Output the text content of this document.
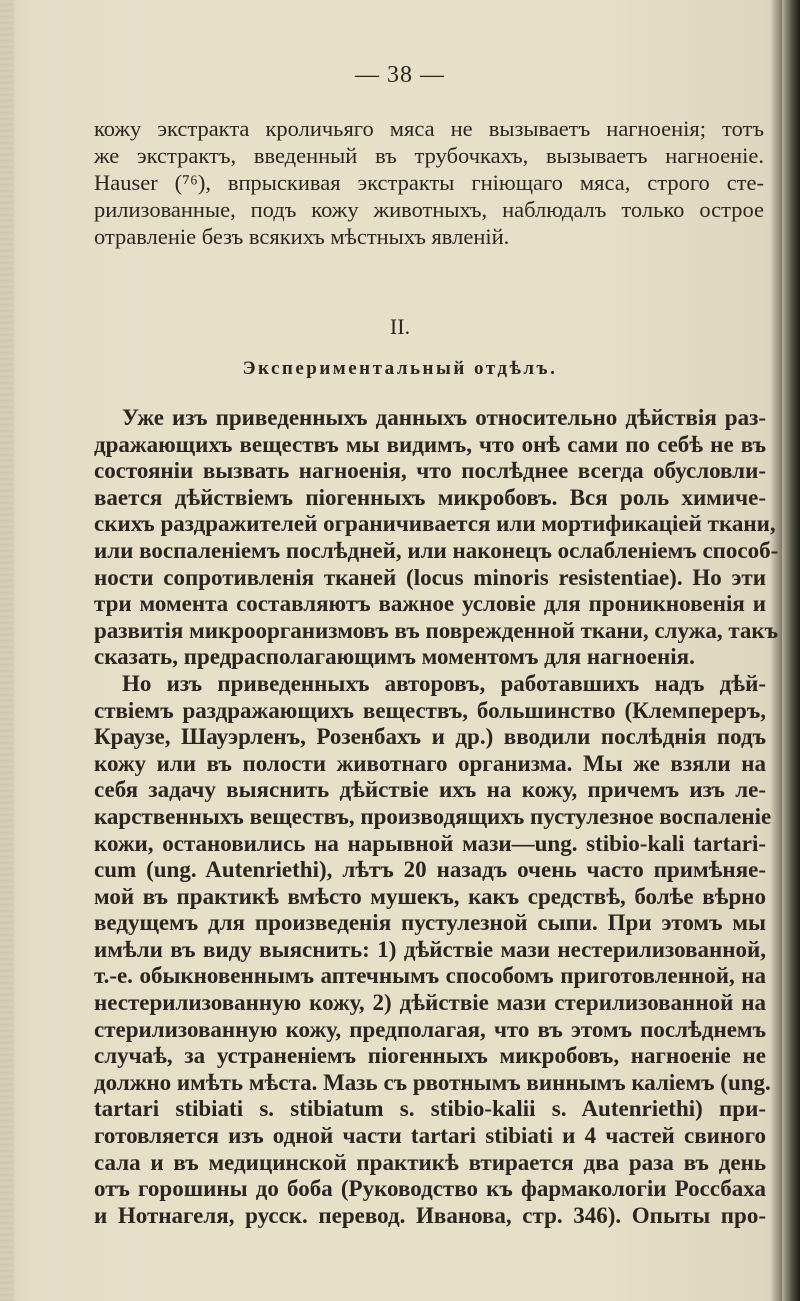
— 38 —

кожу экстракта кроличьяго мяса не вызываетъ нагноенія; тотъ
же экстрактъ, введенный въ трубочкахъ, вызываетъ нагноеніе.
Hauser (⁷⁶), впрыскивая экстракты гніющаго мяса, строго сте-
рилизованные, подъ кожу животныхъ, наблюдалъ только острое
отравленіе безъ всякихъ мѣстныхъ явленій.

II.
Экспериментальный отдѣлъ.

Уже изъ приведенныхъ данныхъ относительно дѣйствія раз-
дражающихъ веществъ мы видимъ, что онѣ сами по себѣ не въ
состояніи вызвать нагноенія, что послѣднее всегда обусловли-
вается дѣйствіемъ піогенныхъ микробовъ. Вся роль химиче-
скихъ раздражителей ограничивается или мортификаціей ткани,
или воспаленіемъ послѣдней, или наконецъ ослабленіемъ способ-
ности сопротивленія тканей (locus minoris resistentiae). Но эти
три момента составляютъ важное условіе для проникновенія и
развитія микроорганизмовъ въ поврежденной ткани, служа, такъ
сказать, предрасполагающимъ моментомъ для нагноенія.

Но изъ приведенныхъ авторовъ, работавшихъ надъ дѣй-
ствіемъ раздражающихъ веществъ, большинство (Клемпереръ,
Краузе, Шауэрленъ, Розенбахъ и др.) вводили послѣднія подъ
кожу или въ полости животнаго организма. Мы же взяли на
себя задачу выяснить дѣйствіе ихъ на кожу, причемъ изъ ле-
карственныхъ веществъ, производящихъ пустулезное воспаленіе
кожи, остановились на нарывной мази—ung. stibio-kali tartari-
cum (ung. Autenriethi), лѣтъ 20 назадъ очень часто примѣняе-
мой въ практикѣ вмѣсто мушекъ, какъ средствѣ, болѣе вѣрно
ведущемъ для произведенія пустулезной сыпи. При этомъ мы
имѣли въ виду выяснить: 1) дѣйствіе мази нестерилизованной,
т.-е. обыкновеннымъ аптечнымъ способомъ приготовленной, на
нестерилизованную кожу, 2) дѣйствіе мази стерилизованной на
стерилизованную кожу, предполагая, что въ этомъ послѣднемъ
случаѣ, за устраненіемъ піогенныхъ микробовъ, нагноеніе не
должно имѣть мѣста. Мазь съ рвотнымъ виннымъ каліемъ (ung.
tartari stibiati s. stibiatum s. stibio-kalii s. Autenriethi) при-
готовляется изъ одной части tartari stibiati и 4 частей свиного
сала и въ медицинской практикѣ втирается два раза въ день
отъ горошины до боба (Руководство къ фармакологіи Россбаха
и Нотнагеля, русск. перевод. Иванова, стр. 346). Опыты про-
